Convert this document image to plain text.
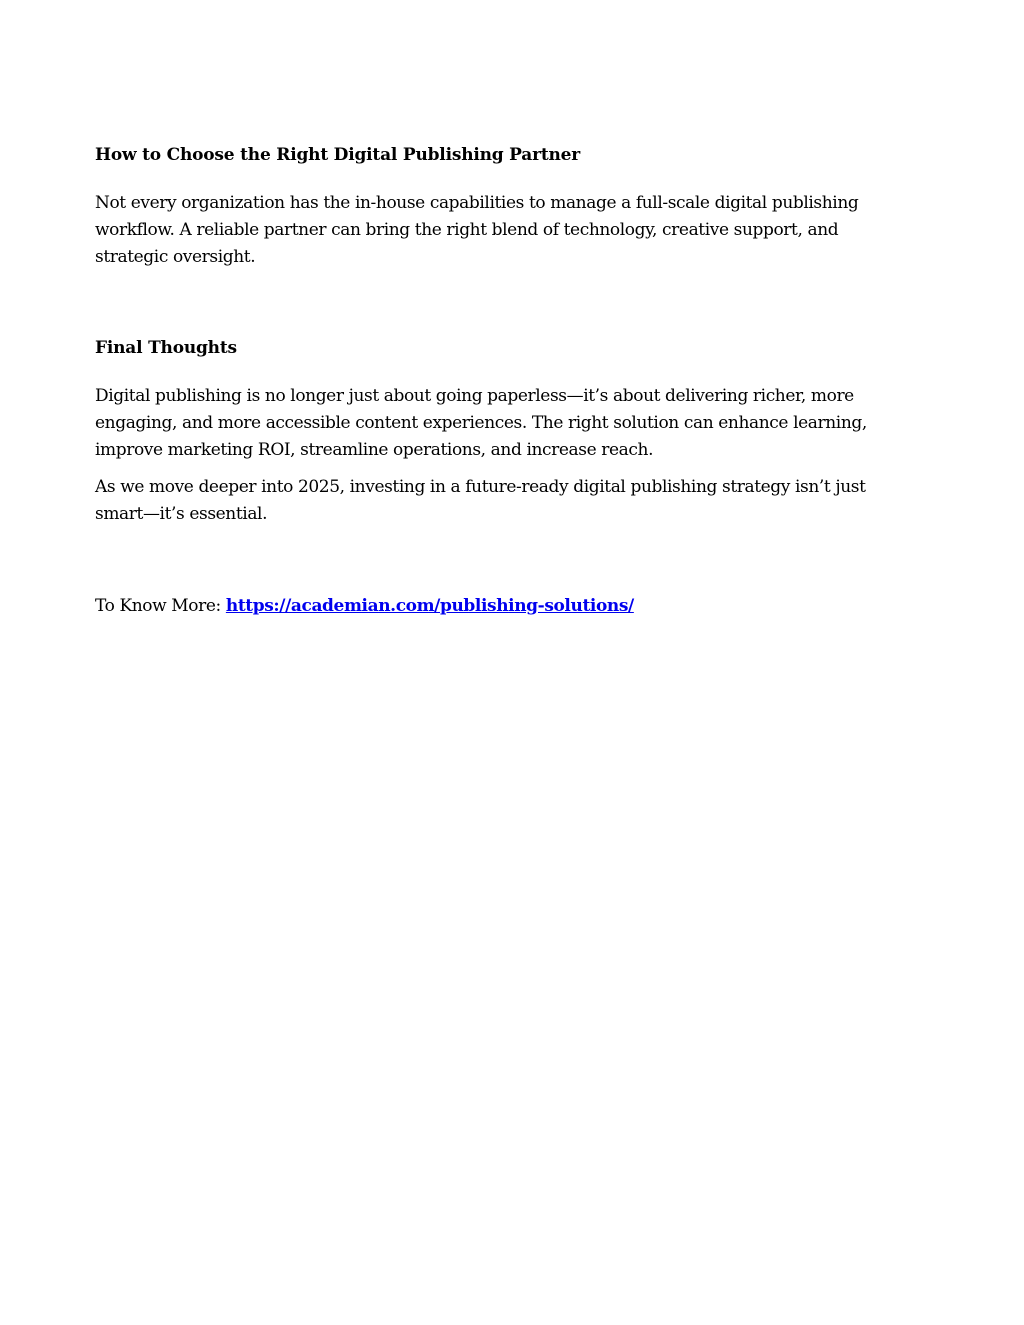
How to Choose the Right Digital Publishing Partner

Not every organization has the in-house capabilities to manage a full-scale digital publishing workflow. A reliable partner can bring the right blend of technology, creative support, and strategic oversight.

Final Thoughts

Digital publishing is no longer just about going paperless—it’s about delivering richer, more engaging, and more accessible content experiences. The right solution can enhance learning, improve marketing ROI, streamline operations, and increase reach.

As we move deeper into 2025, investing in a future-ready digital publishing strategy isn’t just smart—it’s essential.

To Know More: https://academian.com/publishing-solutions/
